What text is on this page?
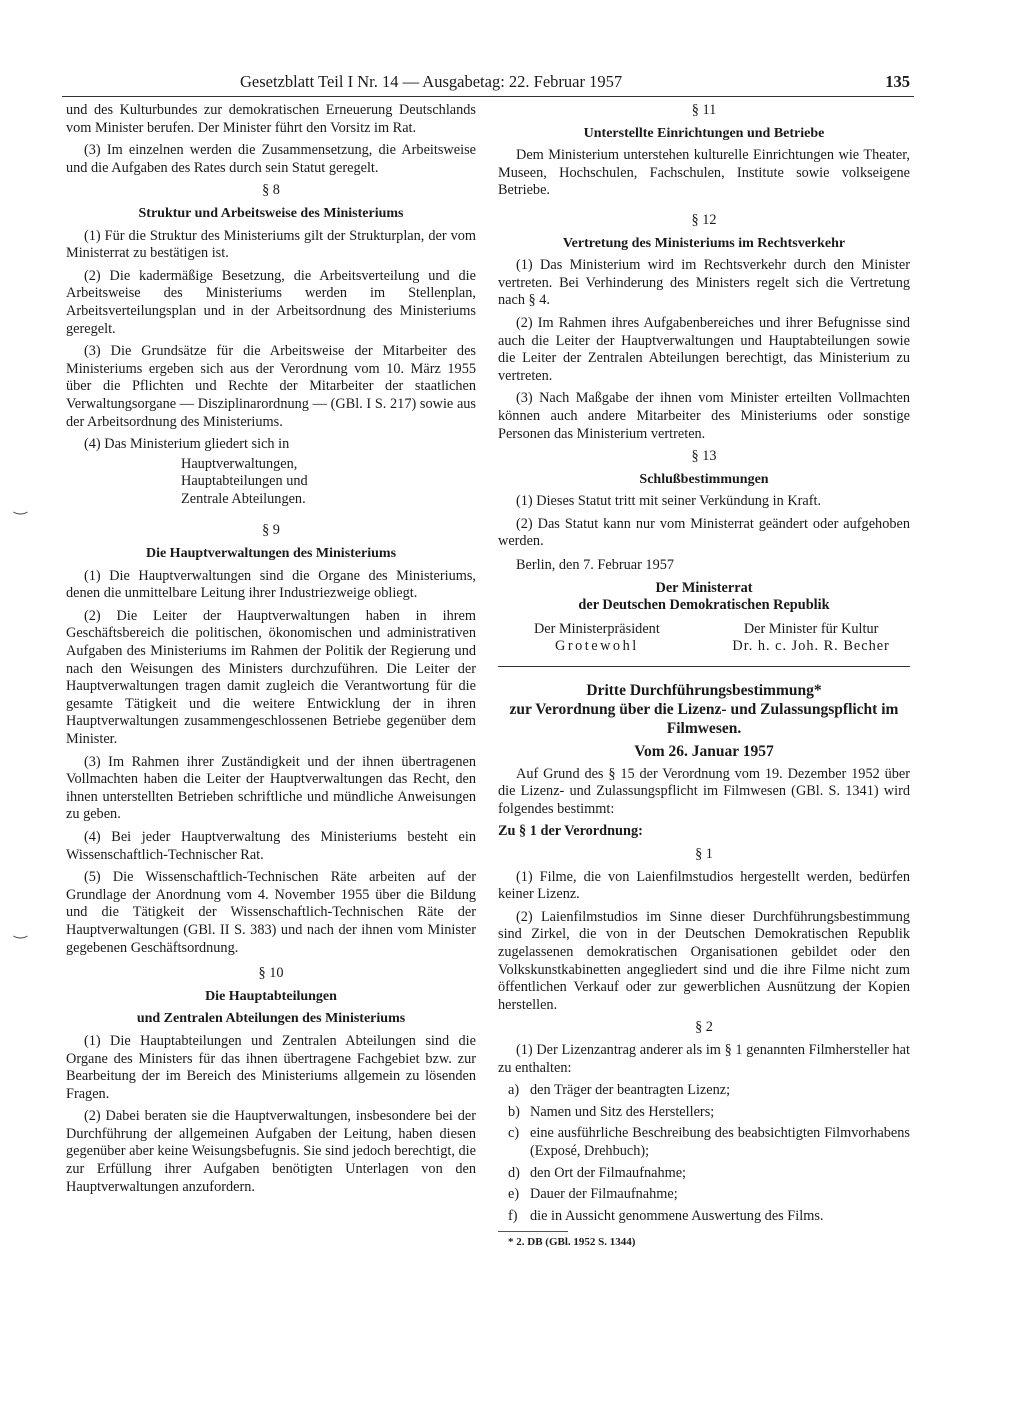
Gesetzblatt Teil I Nr. 14 — Ausgabetag: 22. Februar 1957	135
‿
‿

und des Kulturbundes zur demokratischen Erneuerung Deutschlands vom Minister berufen. Der Minister führt den Vorsitz im Rat.

(3) Im einzelnen werden die Zusammensetzung, die Arbeitsweise und die Aufgaben des Rates durch sein Statut geregelt.

§ 8

Struktur und Arbeitsweise des Ministeriums

(1) Für die Struktur des Ministeriums gilt der Strukturplan, der vom Ministerrat zu bestätigen ist.

(2) Die kadermäßige Besetzung, die Arbeitsverteilung und die Arbeitsweise des Ministeriums werden im Stellenplan, Arbeitsverteilungsplan und in der Arbeitsordnung des Ministeriums geregelt.

(3) Die Grundsätze für die Arbeitsweise der Mitarbeiter des Ministeriums ergeben sich aus der Verordnung vom 10. März 1955 über die Pflichten und Rechte der Mitarbeiter der staatlichen Verwaltungsorgane — Disziplinarordnung — (GBl. I S. 217) sowie aus der Arbeitsordnung des Ministeriums.

(4) Das Ministerium gliedert sich in

Hauptverwaltungen,
Hauptabteilungen und
Zentrale Abteilungen.

§ 9

Die Hauptverwaltungen des Ministeriums

(1) Die Hauptverwaltungen sind die Organe des Ministeriums, denen die unmittelbare Leitung ihrer Industriezweige obliegt.

(2) Die Leiter der Hauptverwaltungen haben in ihrem Geschäftsbereich die politischen, ökonomischen und administrativen Aufgaben des Ministeriums im Rahmen der Politik der Regierung und nach den Weisungen des Ministers durchzuführen. Die Leiter der Hauptverwaltungen tragen damit zugleich die Verantwortung für die gesamte Tätigkeit und die weitere Entwicklung der in ihren Hauptverwaltungen zusammengeschlossenen Betriebe gegenüber dem Minister.

(3) Im Rahmen ihrer Zuständigkeit und der ihnen übertragenen Vollmachten haben die Leiter der Hauptverwaltungen das Recht, den ihnen unterstellten Betrieben schriftliche und mündliche Anweisungen zu geben.

(4) Bei jeder Hauptverwaltung des Ministeriums besteht ein Wissenschaftlich-Technischer Rat.

(5) Die Wissenschaftlich-Technischen Räte arbeiten auf der Grundlage der Anordnung vom 4. November 1955 über die Bildung und die Tätigkeit der Wissenschaftlich-Technischen Räte der Hauptverwaltungen (GBl. II S. 383) und nach der ihnen vom Minister gegebenen Geschäftsordnung.

§ 10

Die Hauptabteilungen

und Zentralen Abteilungen des Ministeriums

(1) Die Hauptabteilungen und Zentralen Abteilungen sind die Organe des Ministers für das ihnen übertragene Fachgebiet bzw. zur Bearbeitung der im Bereich des Ministeriums allgemein zu lösenden Fragen.

(2) Dabei beraten sie die Hauptverwaltungen, insbesondere bei der Durchführung der allgemeinen Aufgaben der Leitung, haben diesen gegenüber aber keine Weisungsbefugnis. Sie sind jedoch berechtigt, die zur Erfüllung ihrer Aufgaben benötigten Unterlagen von den Hauptverwaltungen anzufordern.

§ 11

Unterstellte Einrichtungen und Betriebe

Dem Ministerium unterstehen kulturelle Einrichtungen wie Theater, Museen, Hochschulen, Fachschulen, Institute sowie volkseigene Betriebe.

§ 12

Vertretung des Ministeriums im Rechtsverkehr

(1) Das Ministerium wird im Rechtsverkehr durch den Minister vertreten. Bei Verhinderung des Ministers regelt sich die Vertretung nach § 4.

(2) Im Rahmen ihres Aufgabenbereiches und ihrer Befugnisse sind auch die Leiter der Hauptverwaltungen und Hauptabteilungen sowie die Leiter der Zentralen Abteilungen berechtigt, das Ministerium zu vertreten.

(3) Nach Maßgabe der ihnen vom Minister erteilten Vollmachten können auch andere Mitarbeiter des Ministeriums oder sonstige Personen das Ministerium vertreten.

§ 13

Schlußbestimmungen

(1) Dieses Statut tritt mit seiner Verkündung in Kraft.

(2) Das Statut kann nur vom Ministerrat geändert oder aufgehoben werden.

Berlin, den 7. Februar 1957

Der Ministerrat

der Deutschen Demokratischen Republik

Der Ministerpräsident
Grotewohl
Der Minister für Kultur
Dr. h. c. Joh. R. Becher

Dritte Durchführungsbestimmung*

zur Verordnung über die Lizenz- und Zulassungspflicht im Filmwesen.

Vom 26. Januar 1957

Auf Grund des § 15 der Verordnung vom 19. Dezember 1952 über die Lizenz- und Zulassungspflicht im Filmwesen (GBl. S. 1341) wird folgendes bestimmt:

Zu § 1 der Verordnung:

§ 1

(1) Filme, die von Laienfilmstudios hergestellt werden, bedürfen keiner Lizenz.

(2) Laienfilmstudios im Sinne dieser Durchführungsbestimmung sind Zirkel, die von in der Deutschen Demokratischen Republik zugelassenen demokratischen Organisationen gebildet oder den Volkskunstkabinetten angegliedert sind und die ihre Filme nicht zum öffentlichen Verkauf oder zur gewerblichen Ausnützung der Kopien herstellen.

§ 2

(1) Der Lizenzantrag anderer als im § 1 genannten Filmhersteller hat zu enthalten:

a) den Träger der beantragten Lizenz;
b) Namen und Sitz des Herstellers;
c) eine ausführliche Beschreibung des beabsichtigten Filmvorhabens (Exposé, Drehbuch);
d) den Ort der Filmaufnahme;
e) Dauer der Filmaufnahme;
f) die in Aussicht genommene Auswertung des Films.
* 2. DB (GBl. 1952 S. 1344)
